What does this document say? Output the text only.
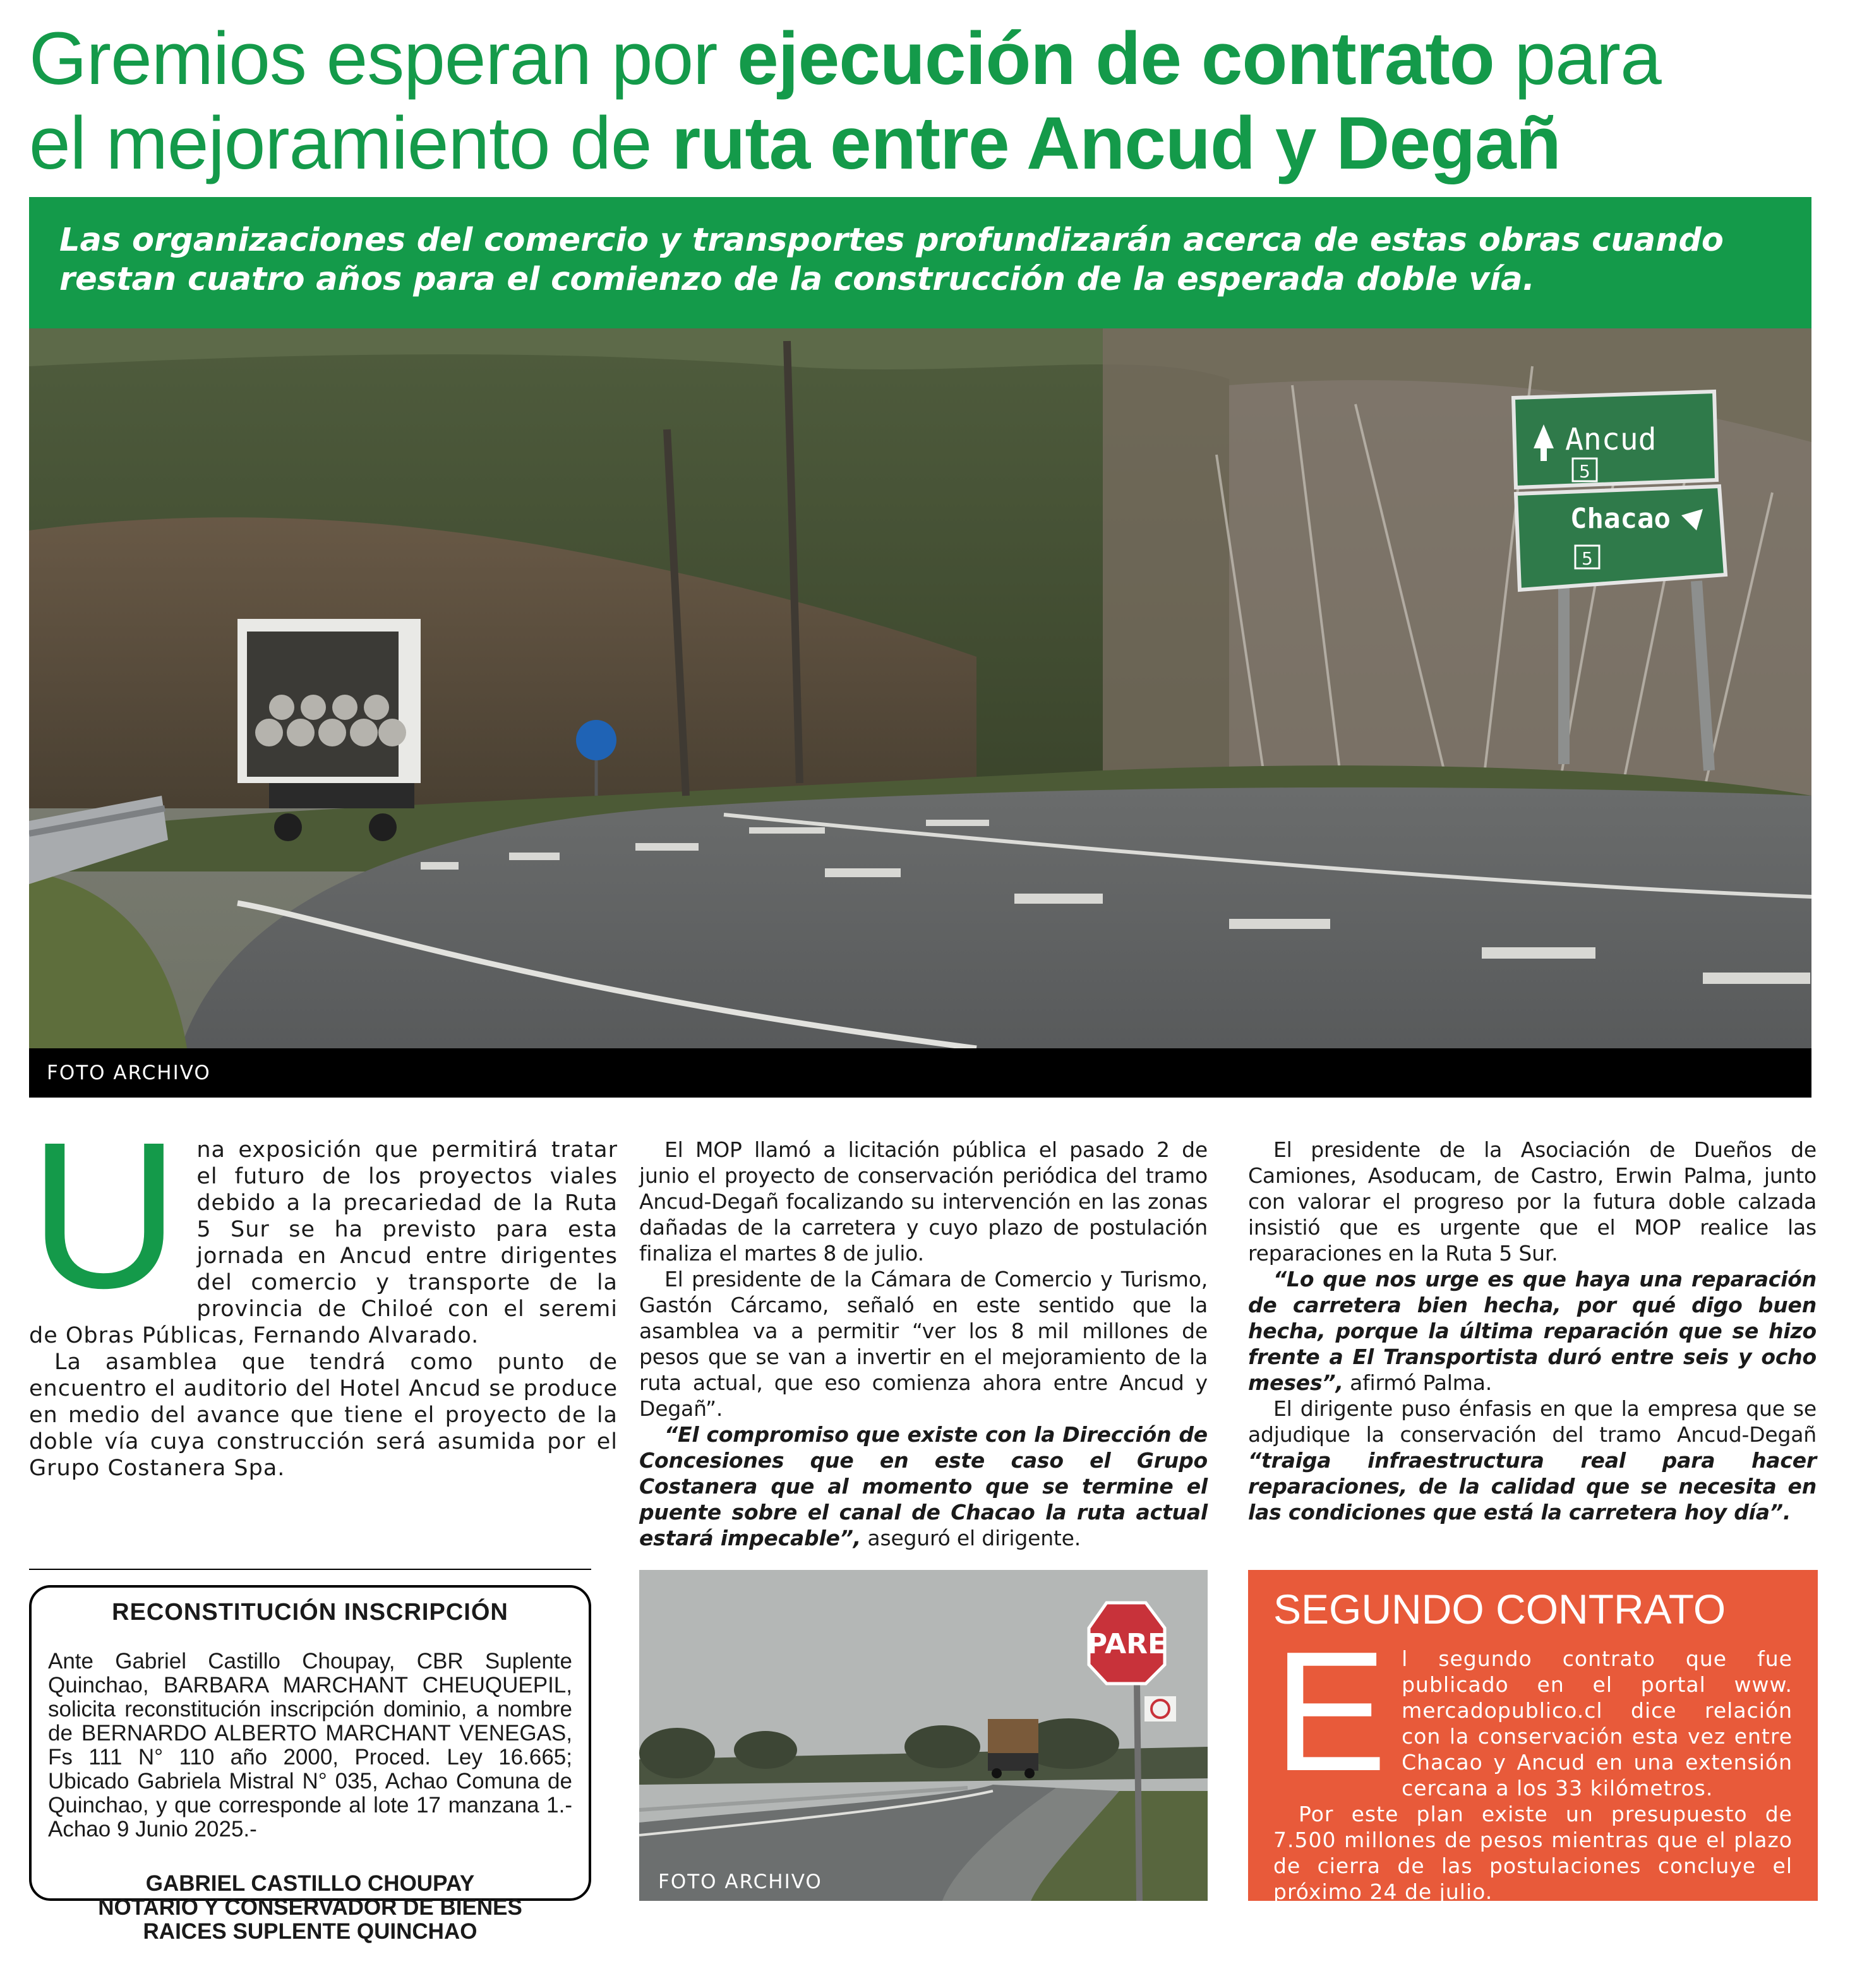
Gremios esperan por ejecución de contrato para
el mejoramiento de ruta entre Ancud y Degañ
Las organizaciones del comercio y transportes profundizarán acerca de estas obras cuando restan cuatro años para el comienzo de la construcción de la esperada doble vía.
Ancud
5
Chacao
5
FOTO ARCHIVO
U na exposición que permitirá tratar el futuro de los proyectos viales debido a la precariedad de la Ruta 5 Sur se ha previsto para esta jornada en Ancud entre dirigentes del comercio y transporte de la provincia de Chiloé con el seremi de Obras Públicas, Fernando Alvarado.

La asamblea que tendrá como punto de encuentro el auditorio del Hotel Ancud se produce en medio del avance que tiene el proyecto de la doble vía cuya construcción será asumida por el Grupo Costanera Spa.

El MOP llamó a licitación pública el pasado 2 de junio el proyecto de conservación periódica del tramo Ancud-Degañ focalizando su intervención en las zonas dañadas de la carretera y cuyo plazo de postulación finaliza el martes 8 de julio.

El presidente de la Cámara de Comercio y Turismo, Gastón Cárcamo, señaló en este sentido que la asamblea va a permitir “ver los 8 mil millones de pesos que se van a invertir en el mejoramiento de la ruta actual, que eso comienza ahora entre Ancud y Degañ”.

“El compromiso que existe con la Dirección de Concesiones que en este caso el Grupo Costanera que al momento que se termine el puente sobre el canal de Chacao la ruta actual estará impecable”, aseguró el dirigente.

El presidente de la Asociación de Dueños de Camiones, Asoducam, de Castro, Erwin Palma, junto con valorar el progreso por la futura doble calzada insistió que es urgente que el MOP realice las reparaciones en la Ruta 5 Sur.

“Lo que nos urge es que haya una reparación de carretera bien hecha, por qué digo buen hecha, porque la última reparación que se hizo frente a El Transportista duró entre seis y ocho meses”, afirmó Palma.

El dirigente puso énfasis en que la empresa que se adjudique la conservación del tramo Ancud-Degañ “traiga infraestructura real para hacer reparaciones, de la calidad que se necesita en las condiciones que está la carretera hoy día”.

RECONSTITUCIÓN INSCRIPCIÓN

Ante Gabriel Castillo Choupay, CBR Suplente Quinchao, BARBARA MARCHANT CHEUQUEPIL, solicita reconstitución inscripción dominio, a nombre de BERNARDO ALBERTO MARCHANT VENEGAS, Fs 111 N° 110 año 2000, Proced. Ley 16.665; Ubicado Gabriela Mistral N° 035, Achao Comuna de Quinchao, y que corresponde al lote 17 manzana 1.- Achao 9 Junio 2025.-

GABRIEL CASTILLO CHOUPAY
NOTARIO Y CONSERVADOR DE BIENES
RAICES SUPLENTE QUINCHAO
PARE
FOTO ARCHIVO
SEGUNDO CONTRATO
E l segundo contrato que fue publicado en el portal www. mercadopublico.cl dice relación con la conservación esta vez entre Chacao y Ancud en una extensión cercana a los 33 kilómetros.

Por este plan existe un presupuesto de 7.500 millones de pesos mientras que el plazo de cierra de las postulaciones concluye el próximo 24 de julio.
